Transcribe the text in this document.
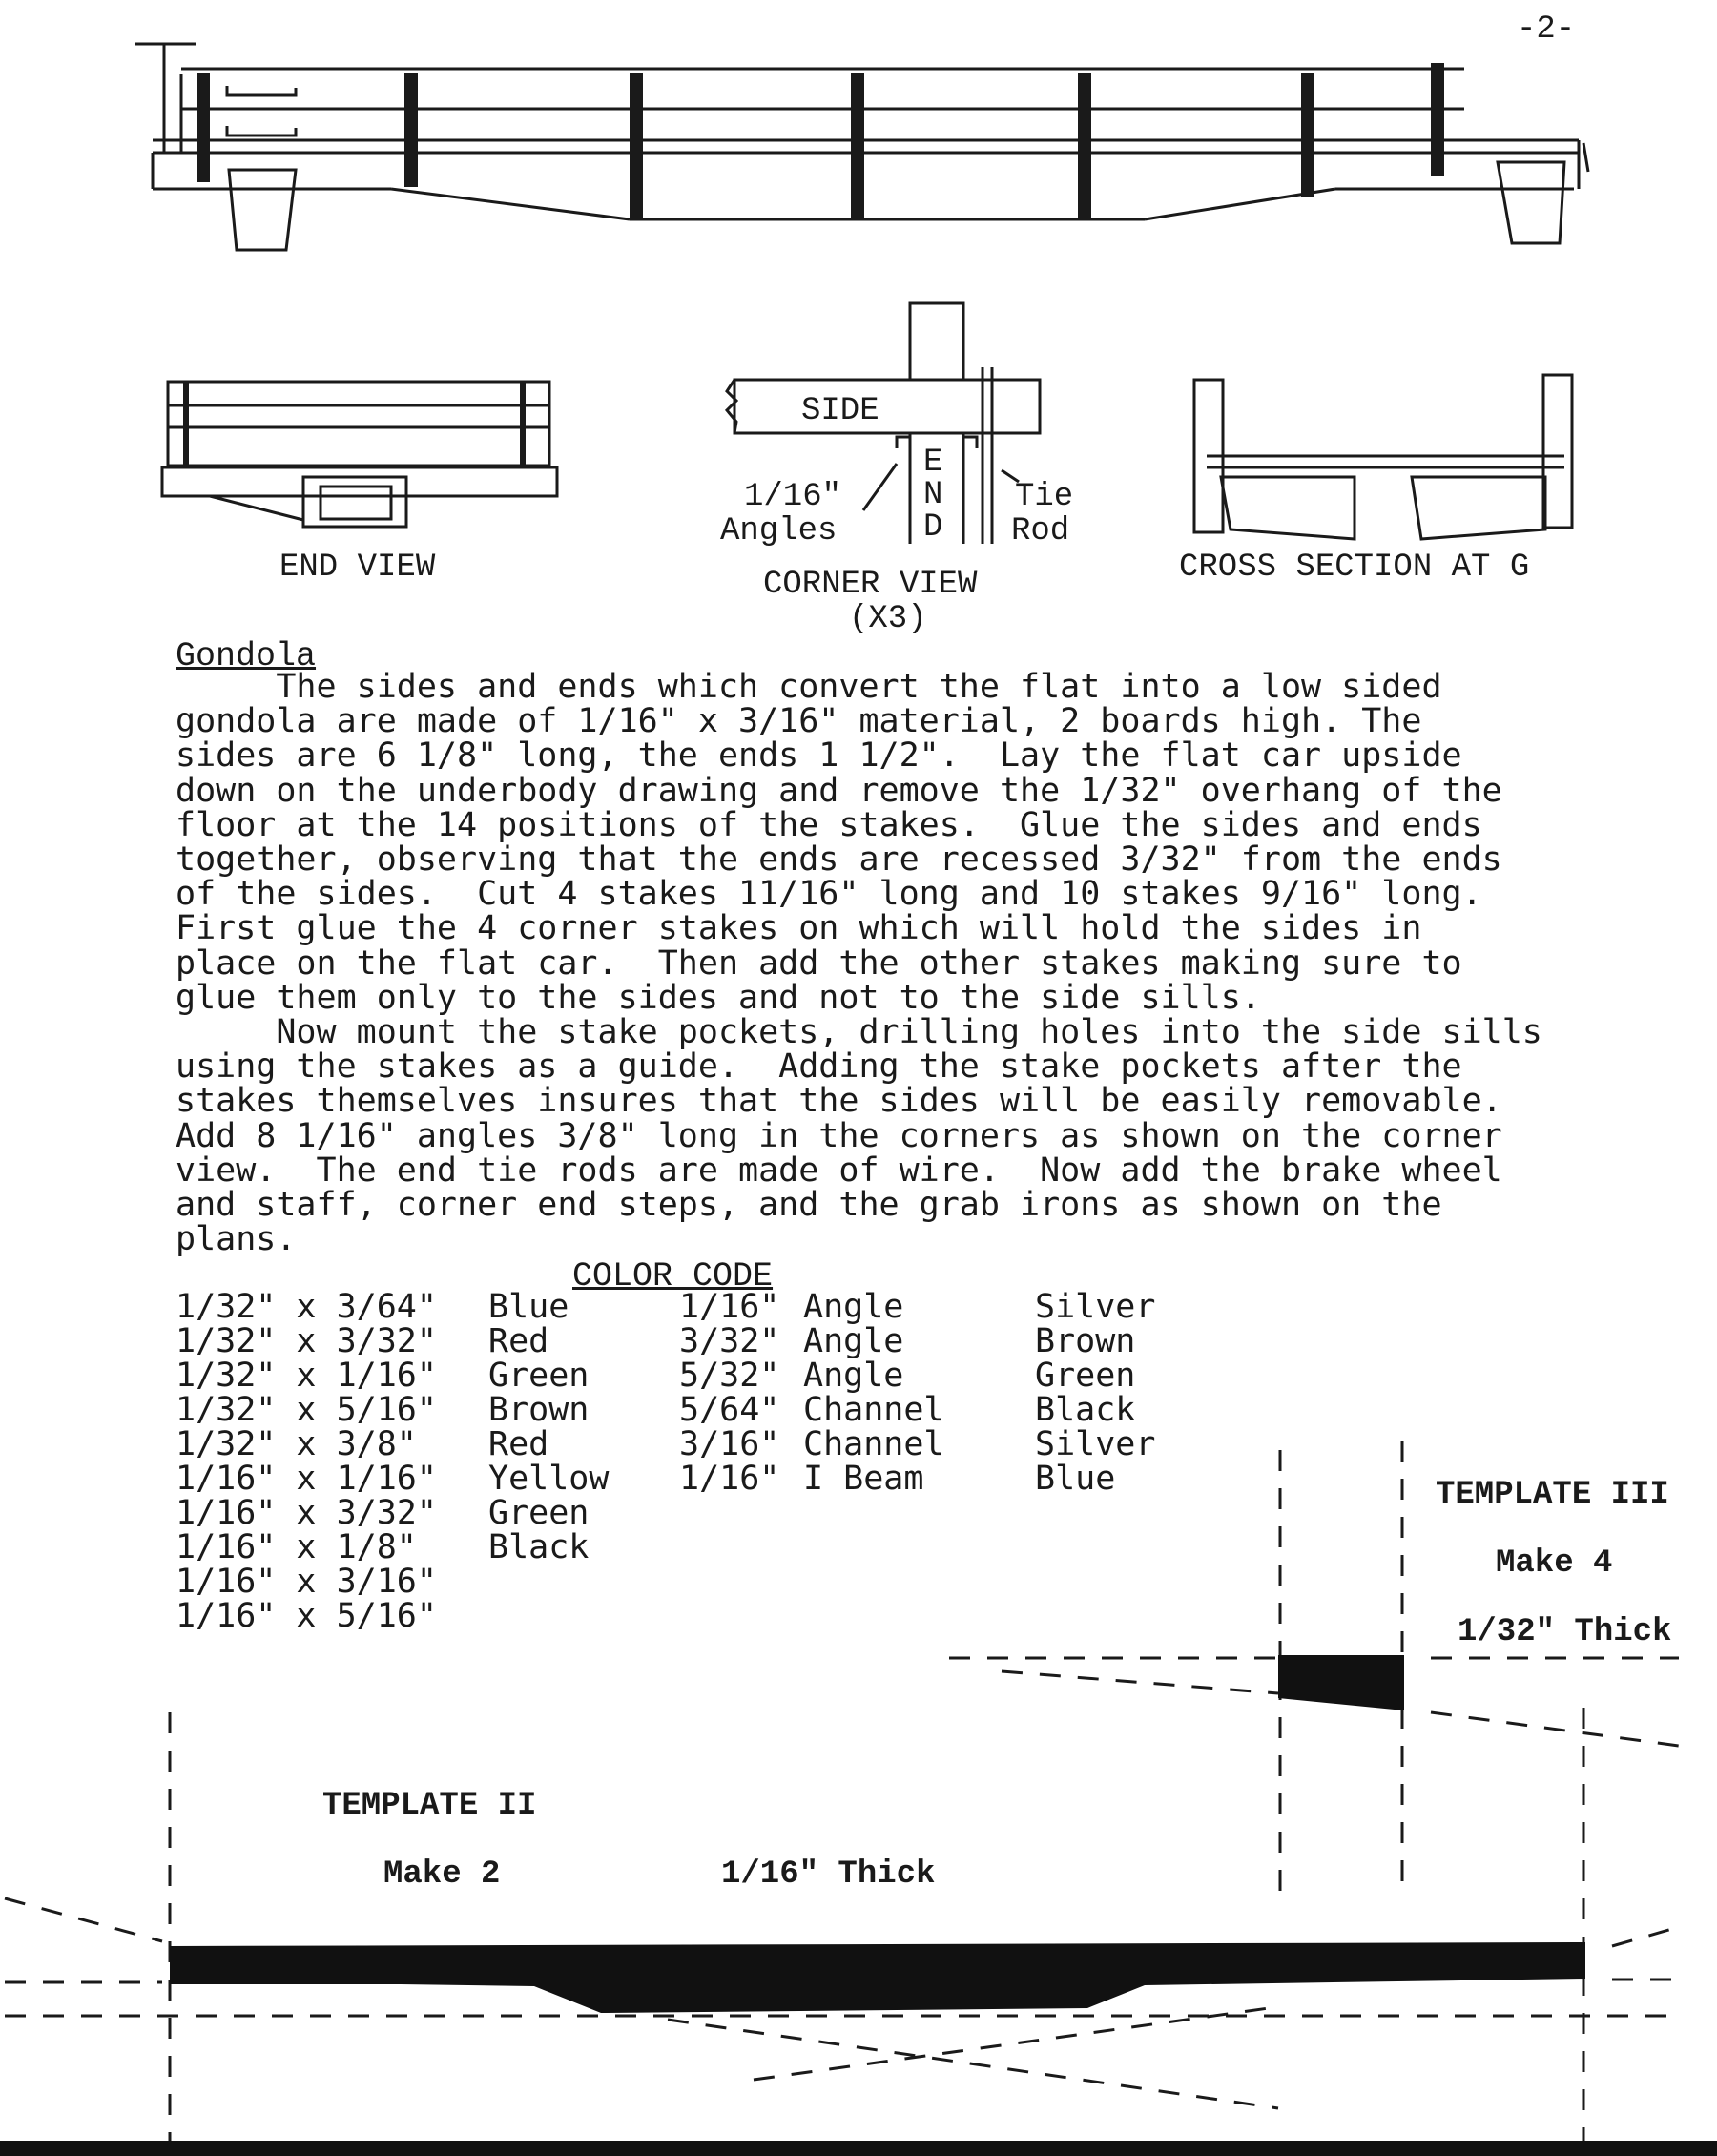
-2-
END VIEW
SIDE
E
N
D
1/16"
Angles
Tie
Rod
CORNER VIEW
(X3)
CROSS SECTION AT G
Gondola
The sides and ends which convert the flat into a low sided
gondola are made of 1/16" x 3/16" material, 2 boards high. The
sides are 6 1/8" long, the ends 1 1/2".  Lay the flat car upside
down on the underbody drawing and remove the 1/32" overhang of the
floor at the 14 positions of the stakes.  Glue the sides and ends
together, observing that the ends are recessed 3/32" from the ends
of the sides.  Cut 4 stakes 11/16" long and 10 stakes 9/16" long.
First glue the 4 corner stakes on which will hold the sides in
place on the flat car.  Then add the other stakes making sure to
glue them only to the sides and not to the side sills.
Now mount the stake pockets, drilling holes into the side sills
using the stakes as a guide.  Adding the stake pockets after the
stakes themselves insures that the sides will be easily removable.
Add 8 1/16" angles 3/8" long in the corners as shown on the corner
view.  The end tie rods are made of wire.  Now add the brake wheel
and staff, corner end steps, and the grab irons as shown on the
plans.
COLOR CODE
1/32" x 3/64"
1/32" x 3/32"
1/32" x 1/16"
1/32" x 5/16"
1/32" x 3/8"
1/16" x 1/16"
1/16" x 3/32"
1/16" x 1/8"
1/16" x 3/16"
1/16" x 5/16"
Blue
Red
Green
Brown
Red
Yellow
Green
Black
1/16"
3/32"
5/32"
5/64"
3/16"
1/16"
Angle
Angle
Angle
Channel
Channel
I Beam
Silver
Brown
Green
Black
Silver
Blue	TEMPLATE III
Make 4
1/32" Thick
TEMPLATE II
Make 2	1/16" Thick
